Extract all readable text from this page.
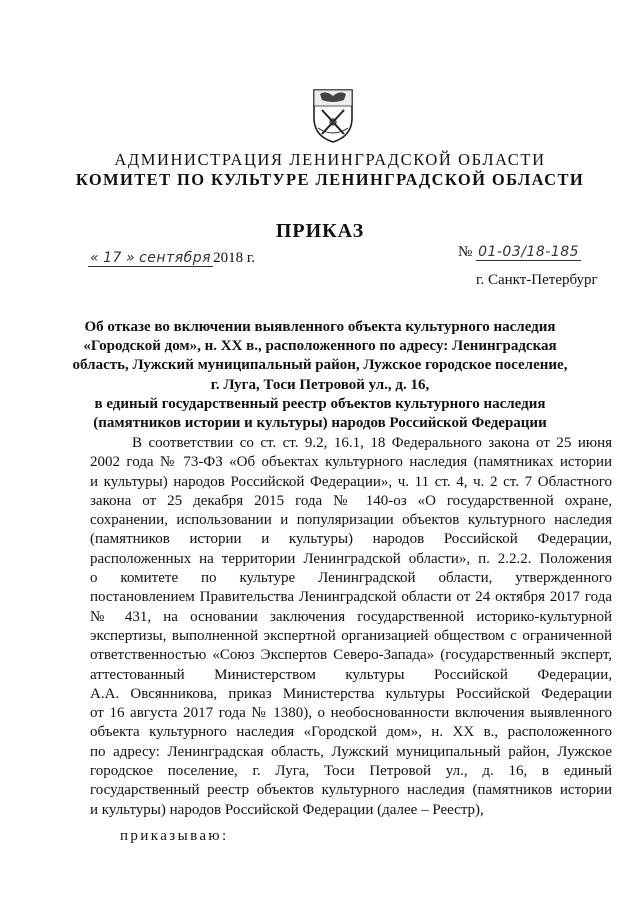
АДМИНИСТРАЦИЯ ЛЕНИНГРАДСКОЙ ОБЛАСТИ
КОМИТЕТ ПО КУЛЬТУРЕ ЛЕНИНГРАДСКОЙ ОБЛАСТИ
ПРИКАЗ
« 17 » сентября 2018 г.	№ 01-03/18-185
г. Санкт-Петербург
Об отказе во включении выявленного объекта культурного наследия
«Городской дом», н. XX в., расположенного по адресу: Ленинградская
область, Лужский муниципальный район, Лужское городское поселение,
г. Луга, Тоси Петровой ул., д. 16,
в единый государственный реестр объектов культурного наследия
(памятников истории и культуры) народов Российской Федерации
В соответствии со ст. ст. 9.2, 16.1, 18 Федерального закона от 25 июня
2002 года № 73-ФЗ «Об объектах культурного наследия (памятниках истории
и культуры) народов Российской Федерации», ч. 11 ст. 4, ч. 2 ст. 7 Областного
закона от 25 декабря 2015 года № 140-оз «О государственной охране,
сохранении, использовании и популяризации объектов культурного наследия
(памятников истории и культуры) народов Российской Федерации,
расположенных на территории Ленинградской области», п. 2.2.2. Положения
о комитете по культуре Ленинградской области, утвержденного
постановлением Правительства Ленинградской области от 24 октября 2017 года
№ 431, на основании заключения государственной историко-культурной
экспертизы, выполненной экспертной организацией обществом с ограниченной
ответственностью «Союз Экспертов Северо-Запада» (государственный эксперт,
аттестованный Министерством культуры Российской Федерации,
А.А. Овсянникова, приказ Министерства культуры Российской Федерации
от 16 августа 2017 года № 1380), о необоснованности включения выявленного
объекта культурного наследия «Городской дом», н. XX в., расположенного
по адресу: Ленинградская область, Лужский муниципальный район, Лужское
городское поселение, г. Луга, Тоси Петровой ул., д. 16, в единый
государственный реестр объектов культурного наследия (памятников истории
и культуры) народов Российской Федерации (далее – Реестр),
приказываю:
